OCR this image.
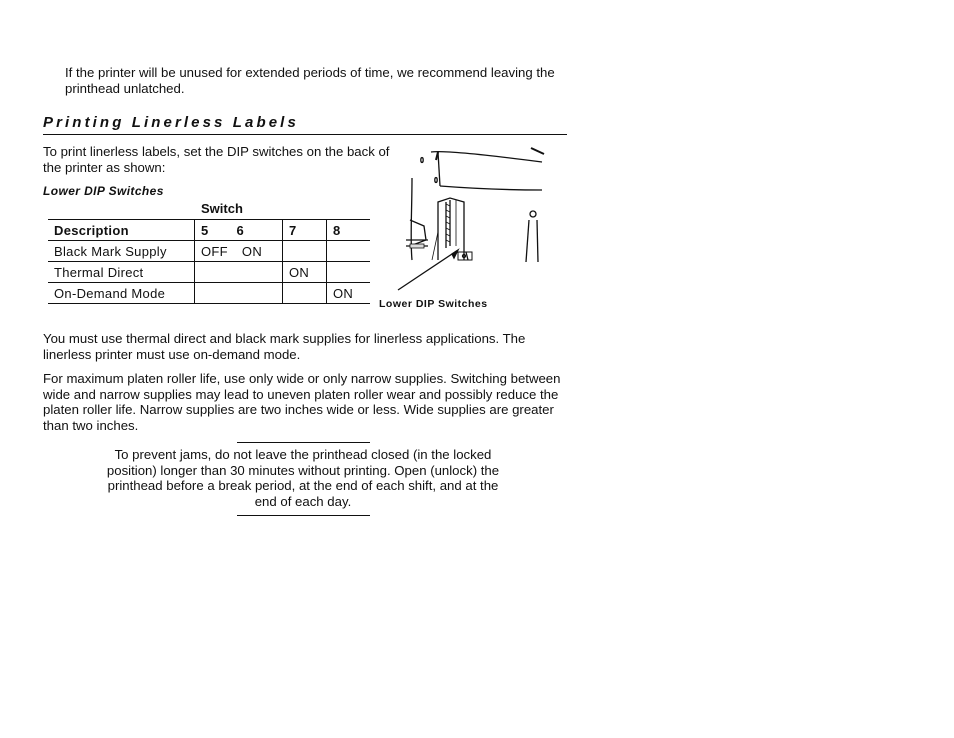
If the printer will be unused for extended periods of time, we recommend leaving the printhead unlatched.

Printing Linerless Labels

To print linerless labels, set the DIP switches on the back of the printer as shown:

Lower DIP Switches
Switch
Description	5 6	7	8
Black Mark Supply	OFF ON		
Thermal Direct		ON	
On-Demand Mode			ON
Lower DIP Switches

You must use thermal direct and black mark supplies for linerless applications. The linerless printer must use on-demand mode.

For maximum platen roller life, use only wide or only narrow supplies. Switching between wide and narrow supplies may lead to uneven platen roller wear and possibly reduce the platen roller life. Narrow supplies are two inches wide or less. Wide supplies are greater than two inches.

To prevent jams, do not leave the printhead closed (in the locked position) longer than 30 minutes without printing. Open (unlock) the printhead before a break period, at the end of each shift, and at the end of each day.
